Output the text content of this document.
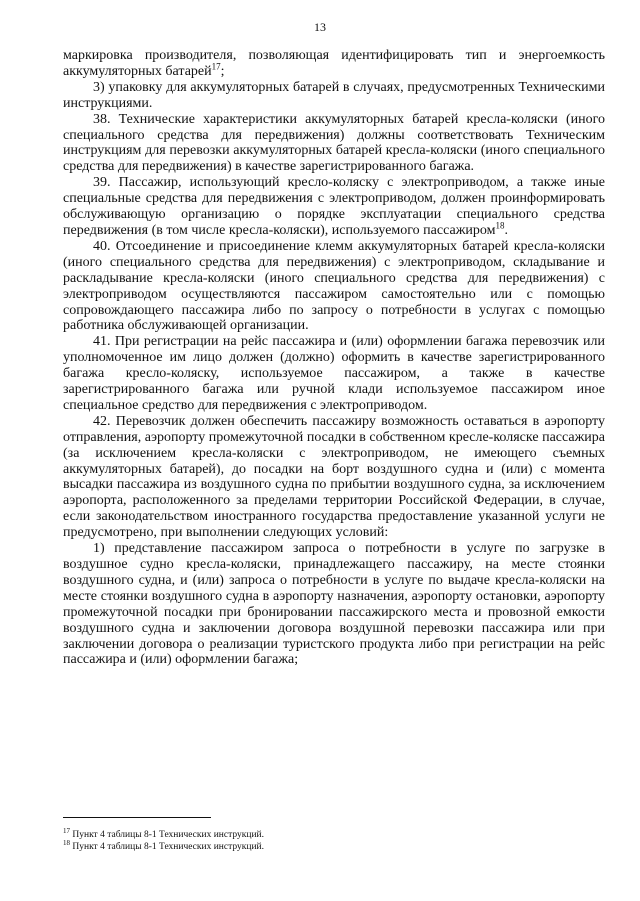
13

маркировка производителя, позволяющая идентифицировать тип и энергоемкость аккумуляторных батарей$^{17}$;

3) упаковку для аккумуляторных батарей в случаях, предусмотренных Техническими инструкциями.

38. Технические характеристики аккумуляторных батарей кресла-коляски (иного специального средства для передвижения) должны соответствовать Техническим инструкциям для перевозки аккумуляторных батарей кресла-коляски (иного специального средства для передвижения) в качестве зарегистрированного багажа.

39. Пассажир, использующий кресло-коляску с электроприводом, а также иные специальные средства для передвижения с электроприводом, должен проинформировать обслуживающую организацию о порядке эксплуатации специального средства передвижения (в том числе кресла-коляски), используемого пассажиром$^{18}$.

40. Отсоединение и присоединение клемм аккумуляторных батарей кресла-коляски (иного специального средства для передвижения) с электроприводом, складывание и раскладывание кресла-коляски (иного специального средства для передвижения) с электроприводом осуществляются пассажиром самостоятельно или с помощью сопровождающего пассажира либо по запросу о потребности в услугах с помощью работника обслуживающей организации.

41. При регистрации на рейс пассажира и (или) оформлении багажа перевозчик или уполномоченное им лицо должен (должно) оформить в качестве зарегистрированного багажа кресло-коляску, используемое пассажиром, а также в качестве зарегистрированного багажа или ручной клади используемое пассажиром иное специальное средство для передвижения с электроприводом.

42. Перевозчик должен обеспечить пассажиру возможность оставаться в аэропорту отправления, аэропорту промежуточной посадки в собственном кресле-коляске пассажира (за исключением кресла-коляски с электроприводом, не имеющего съемных аккумуляторных батарей), до посадки на борт воздушного судна и (или) с момента высадки пассажира из воздушного судна по прибытии воздушного судна, за исключением аэропорта, расположенного за пределами территории Российской Федерации, в случае, если законодательством иностранного государства предоставление указанной услуги не предусмотрено, при выполнении следующих условий:

1) представление пассажиром запроса о потребности в услуге по загрузке в воздушное судно кресла-коляски, принадлежащего пассажиру, на месте стоянки воздушного судна, и (или) запроса о потребности в услуге по выдаче кресла-коляски на месте стоянки воздушного судна в аэропорту назначения, аэропорту остановки, аэропорту промежуточной посадки при бронировании пассажирского места и провозной емкости воздушного судна и заключении договора воздушной перевозки пассажира или при заключении договора о реализации туристского продукта либо при регистрации на рейс пассажира и (или) оформлении багажа;

$^{17}$ Пункт 4 таблицы 8-1 Технических инструкций.

$^{18}$ Пункт 4 таблицы 8-1 Технических инструкций.
